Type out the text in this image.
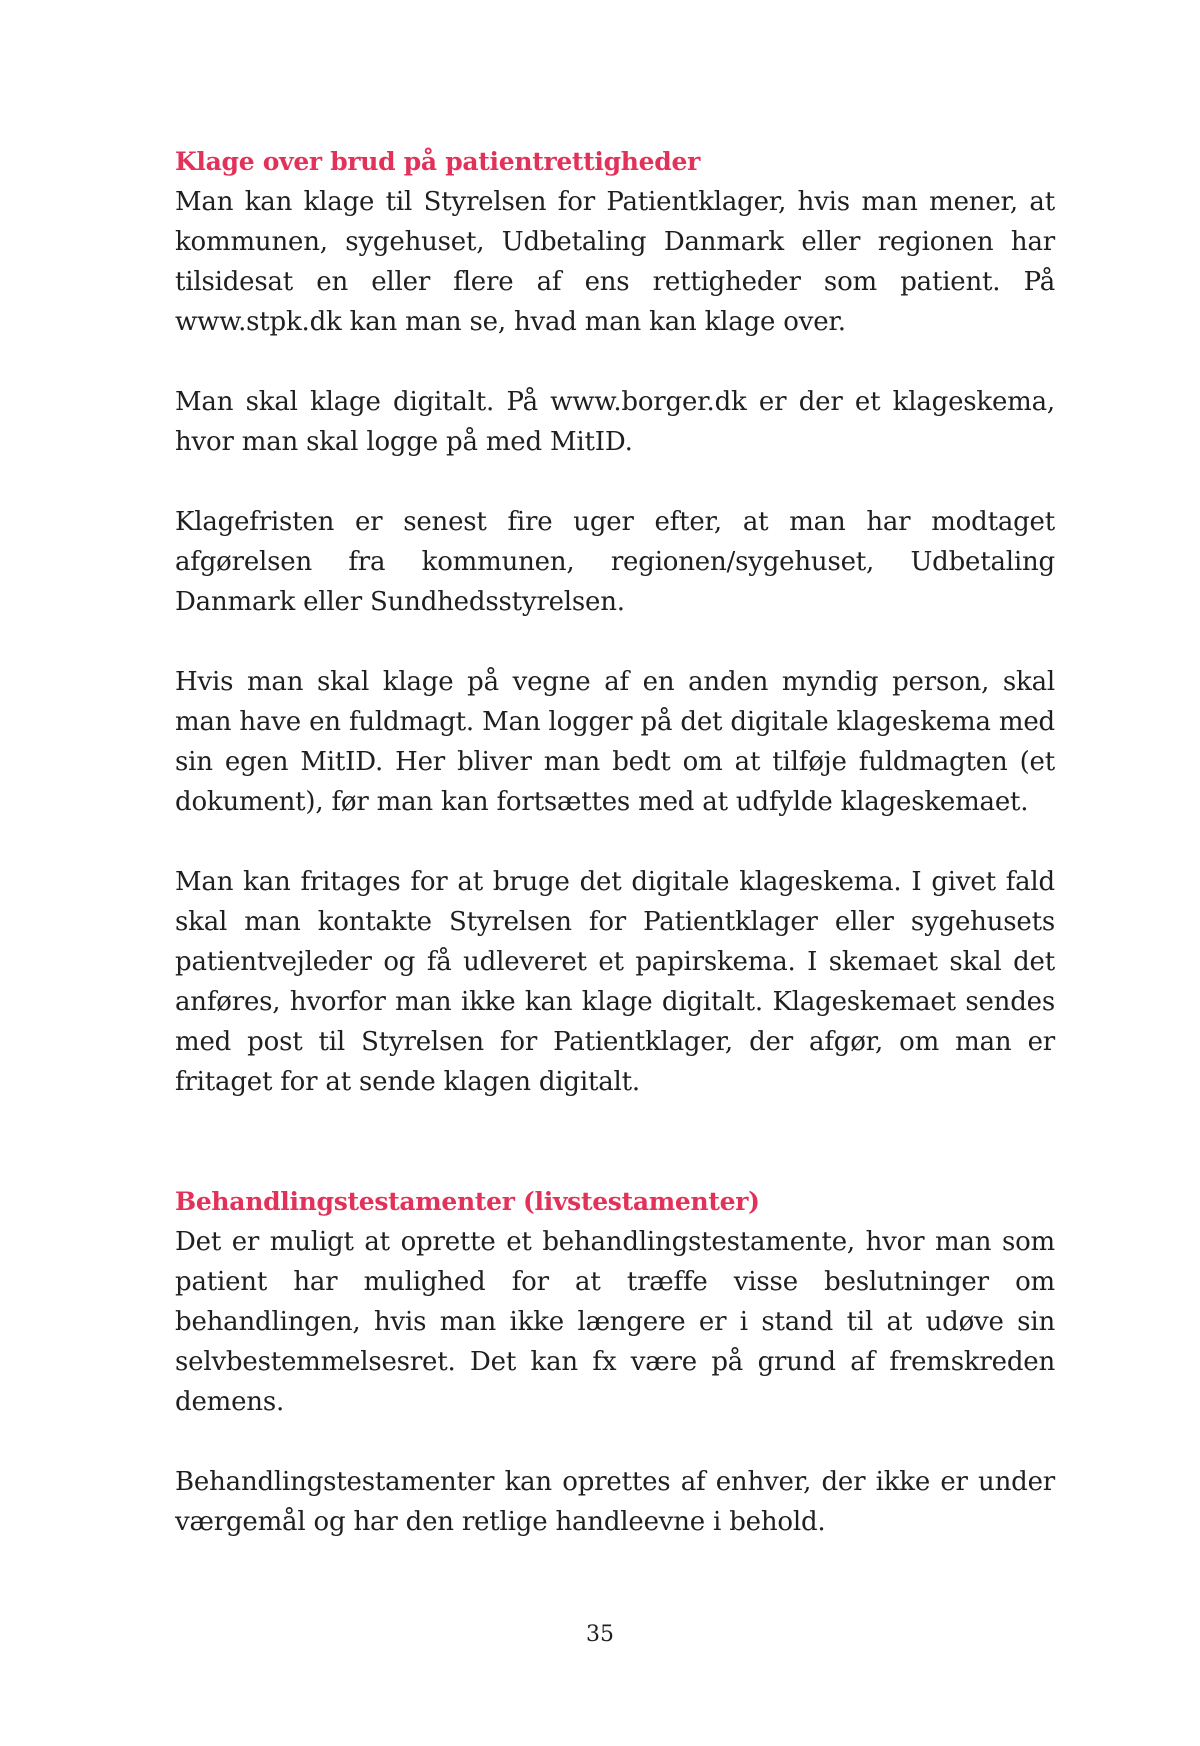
Klage over brud på patientrettigheder

Man kan klage til Styrelsen for Patientklager, hvis man mener, at kommunen, sygehuset, Udbetaling Danmark eller regionen har tilsidesat en eller flere af ens rettigheder som patient. På www.stpk.dk kan man se, hvad man kan klage over.

Man skal klage digitalt. På www.borger.dk er der et klageskema, hvor man skal logge på med MitID.

Klagefristen er senest fire uger efter, at man har modtaget afgørelsen fra kommunen, regionen/sygehuset, Udbetaling Danmark eller Sundhedsstyrelsen.

Hvis man skal klage på vegne af en anden myndig person, skal man have en fuldmagt. Man logger på det digitale klageskema med sin egen MitID. Her bliver man bedt om at tilføje fuldmagten (et dokument), før man kan fortsættes med at udfylde klageskemaet.

Man kan fritages for at bruge det digitale klageskema. I givet fald skal man kontakte Styrelsen for Patientklager eller sygehusets patientvejleder og få udleveret et papirskema. I skemaet skal det anføres, hvorfor man ikke kan klage digitalt. Klageskemaet sendes med post til Styrelsen for Patientklager, der afgør, om man er fritaget for at sende klagen digitalt.

Behandlingstestamenter (livstestamenter)

Det er muligt at oprette et behandlingstestamente, hvor man som patient har mulighed for at træffe visse beslutninger om behandlingen, hvis man ikke længere er i stand til at udøve sin selvbestemmelsesret. Det kan fx være på grund af fremskreden demens.

Behandlingstestamenter kan oprettes af enhver, der ikke er under værgemål og har den retlige handleevne i behold.

35
